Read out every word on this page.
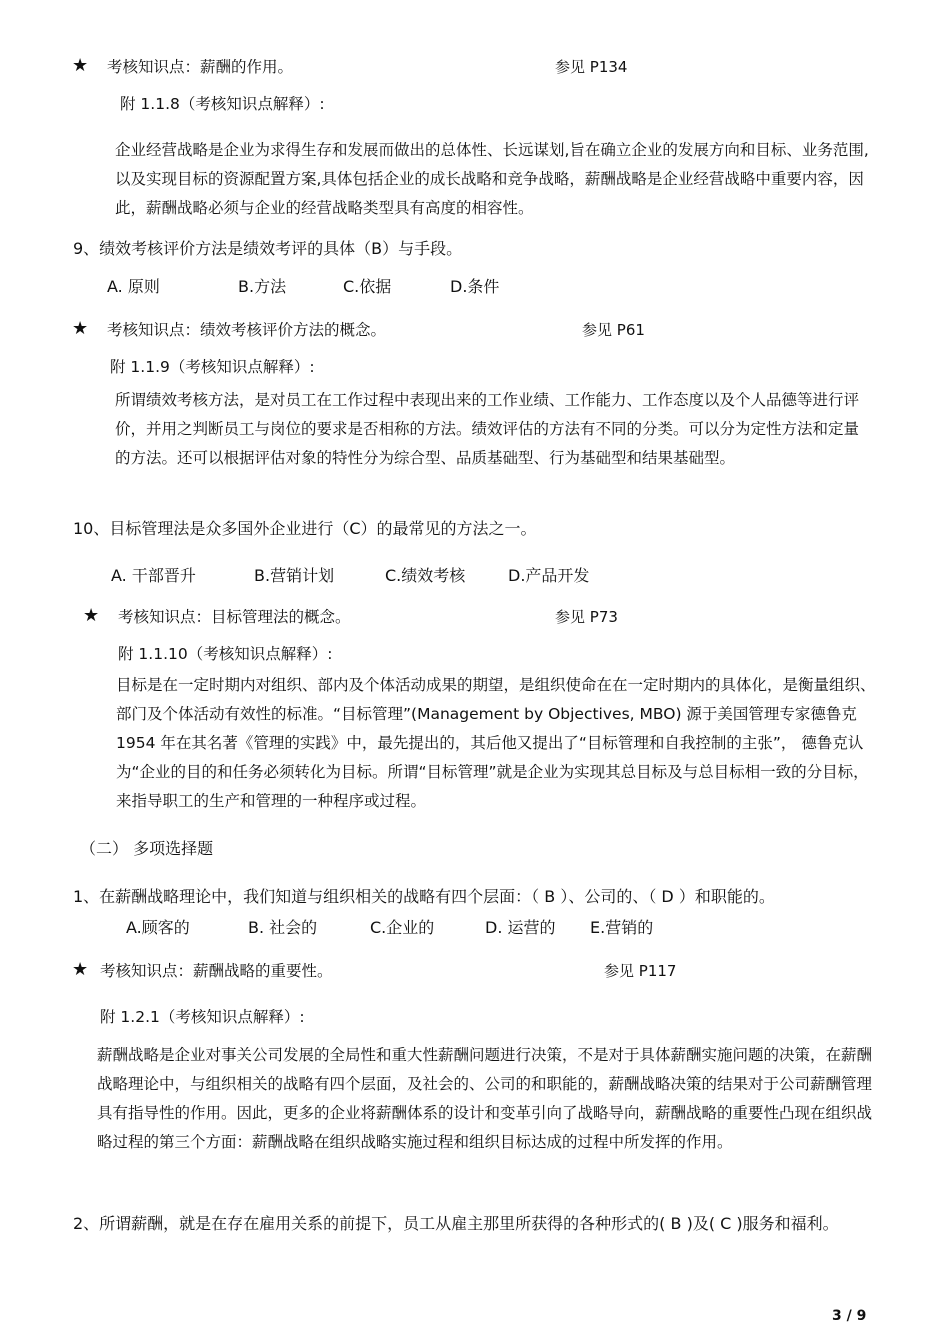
★ 考核知识点：薪酬的作用。	参见 P134
附 1.1.8（考核知识点解释）:
企业经营战略是企业为求得生存和发展而做出的总体性、长远谋划,旨在确立企业的发展方向和目标、业务范围,以及实现目标的资源配置方案,具体包括企业的成长战略和竞争战略，薪酬战略是企业经营战略中重要内容，因此，薪酬战略必须与企业的经营战略类型具有高度的相容性。
9、绩效考核评价方法是绩效考评的具体（B）与手段。
A. 原则	B.方法	C.依据	D.条件
★ 考核知识点：绩效考核评价方法的概念。	参见 P61
附 1.1.9（考核知识点解释）:
所谓绩效考核方法，是对员工在工作过程中表现出来的工作业绩、工作能力、工作态度以及个人品德等进行评价，并用之判断员工与岗位的要求是否相称的方法。绩效评估的方法有不同的分类。可以分为定性方法和定量的方法。还可以根据评估对象的特性分为综合型、品质基础型、行为基础型和结果基础型。
10、目标管理法是众多国外企业进行（C）的最常见的方法之一。
A. 干部晋升	B.营销计划	C.绩效考核	D.产品开发
★ 考核知识点：目标管理法的概念。	参见 P73
附 1.1.10（考核知识点解释）:
目标是在一定时期内对组织、部内及个体活动成果的期望，是组织使命在在一定时期内的具体化，是衡量组织、部门及个体活动有效性的标准。“目标管理”(Management by Objectives, MBO) 源于美国管理专家德鲁克 1954 年在其名著《管理的实践》中，最先提出的，其后他又提出了“目标管理和自我控制的主张”， 德鲁克认为“企业的目的和任务必须转化为目标。所谓“目标管理”就是企业为实现其总目标及与总目标相一致的分目标，来指导职工的生产和管理的一种程序或过程。
（二） 多项选择题
1、在薪酬战略理论中，我们知道与组织相关的战略有四个层面：（ B ）、公司的、（ D ）和职能的。
A.顾客的	B. 社会的	C.企业的	D. 运营的 E.营销的
★ 考核知识点：薪酬战略的重要性。	参见 P117
附 1.2.1（考核知识点解释）:
薪酬战略是企业对事关公司发展的全局性和重大性薪酬问题进行决策，不是对于具体薪酬实施问题的决策，在薪酬战略理论中，与组织相关的战略有四个层面，及社会的、公司的和职能的，薪酬战略决策的结果对于公司薪酬管理具有指导性的作用。因此，更多的企业将薪酬体系的设计和变革引向了战略导向，薪酬战略的重要性凸现在组织战略过程的第三个方面：薪酬战略在组织战略实施过程和组织目标达成的过程中所发挥的作用。
2、所谓薪酬，就是在存在雇用关系的前提下，员工从雇主那里所获得的各种形式的( B )及( C )服务和福利。
3 / 9
